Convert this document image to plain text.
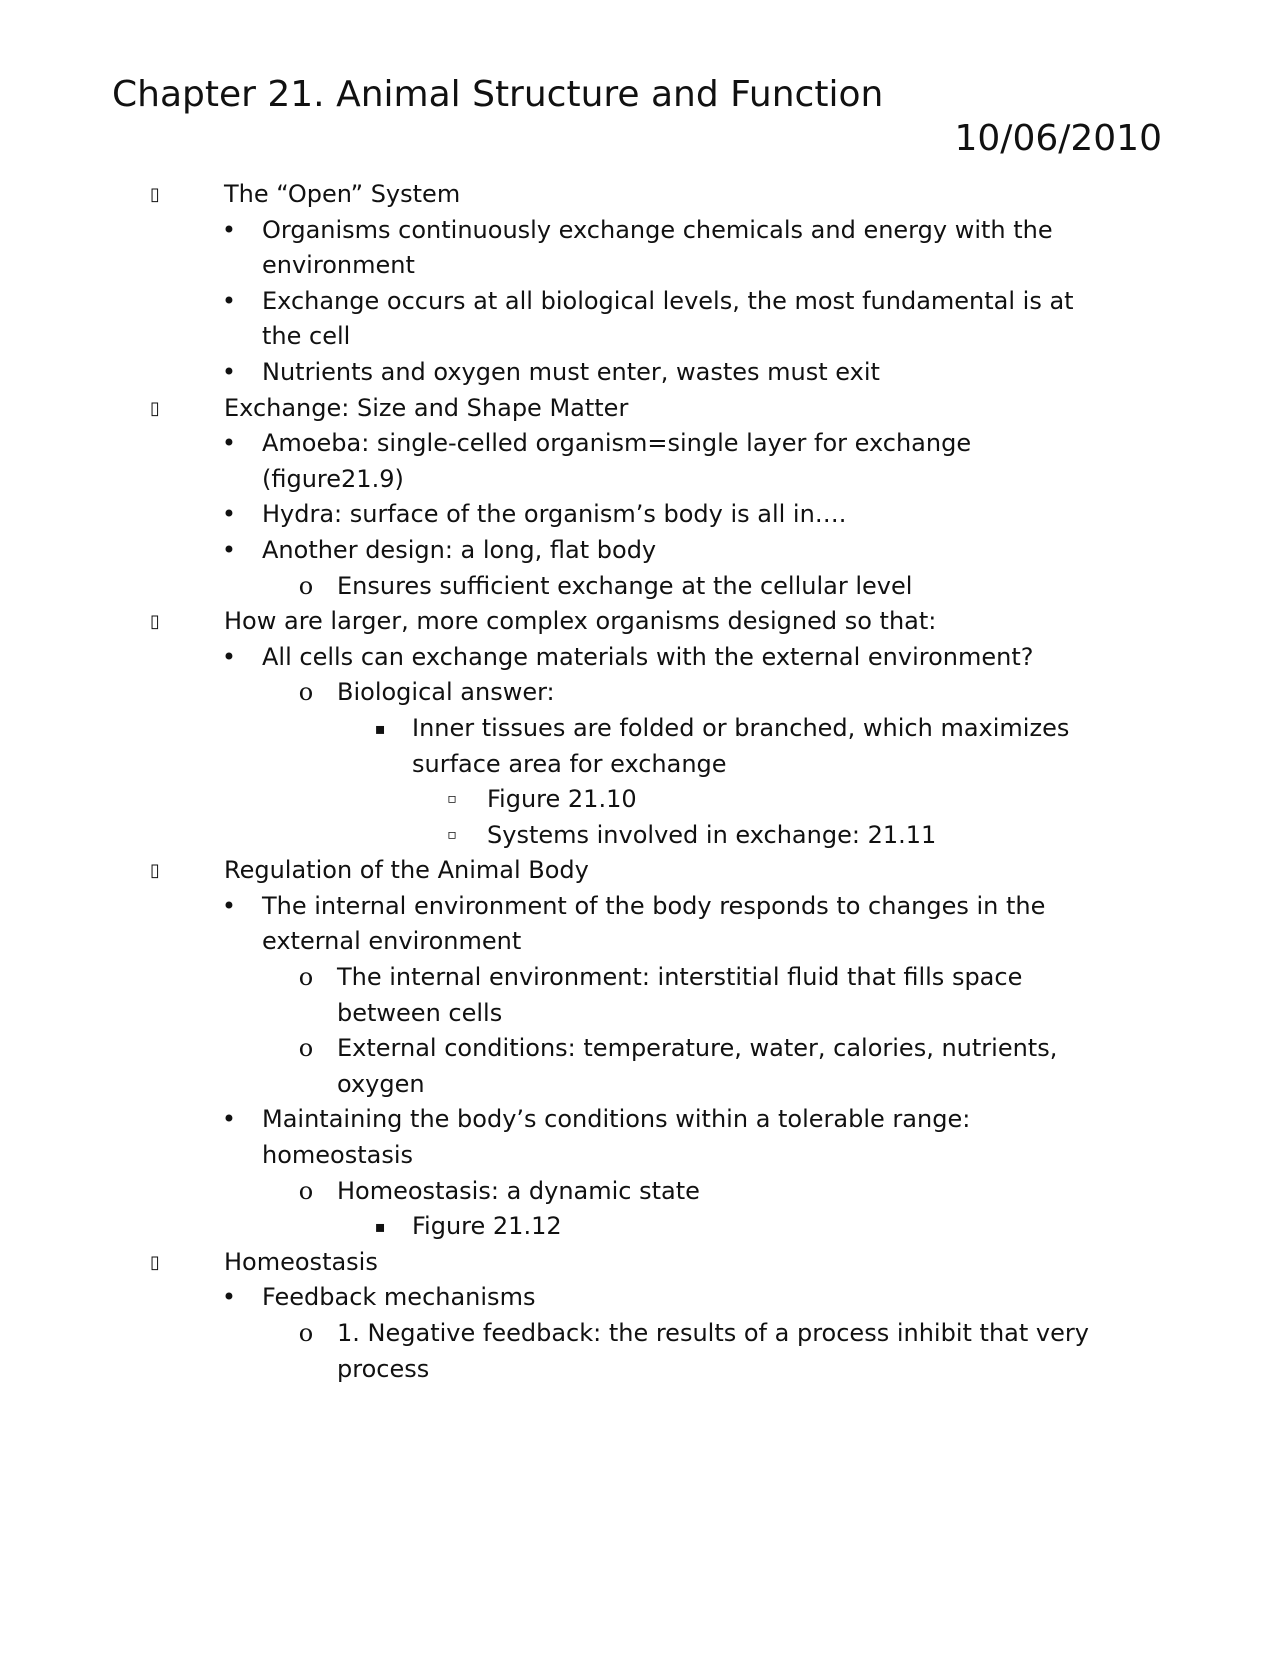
Chapter 21. Animal Structure and Function
10/06/2010
▯	The “Open” System
• Organisms continuously exchange chemicals and energy with the
environment
• Exchange occurs at all biological levels, the most fundamental is at
the cell
• Nutrients and oxygen must enter, wastes must exit
▯	Exchange: Size and Shape Matter
• Amoeba: single-celled organism=single layer for exchange
(figure21.9)
• Hydra: surface of the organism’s body is all in….
• Another design: a long, flat body
o Ensures sufficient exchange at the cellular level
▯	How are larger, more complex organisms designed so that:
• All cells can exchange materials with the external environment?
o Biological answer:
▪ Inner tissues are folded or branched, which maximizes
surface area for exchange
▫ Figure 21.10
▫ Systems involved in exchange: 21.11
▯	Regulation of the Animal Body
• The internal environment of the body responds to changes in the
external environment
o The internal environment: interstitial fluid that fills space
between cells
o External conditions: temperature, water, calories, nutrients,
oxygen
• Maintaining the body’s conditions within a tolerable range:
homeostasis
o Homeostasis: a dynamic state
▪ Figure 21.12
▯	Homeostasis
• Feedback mechanisms
o 1. Negative feedback: the results of a process inhibit that very
process
